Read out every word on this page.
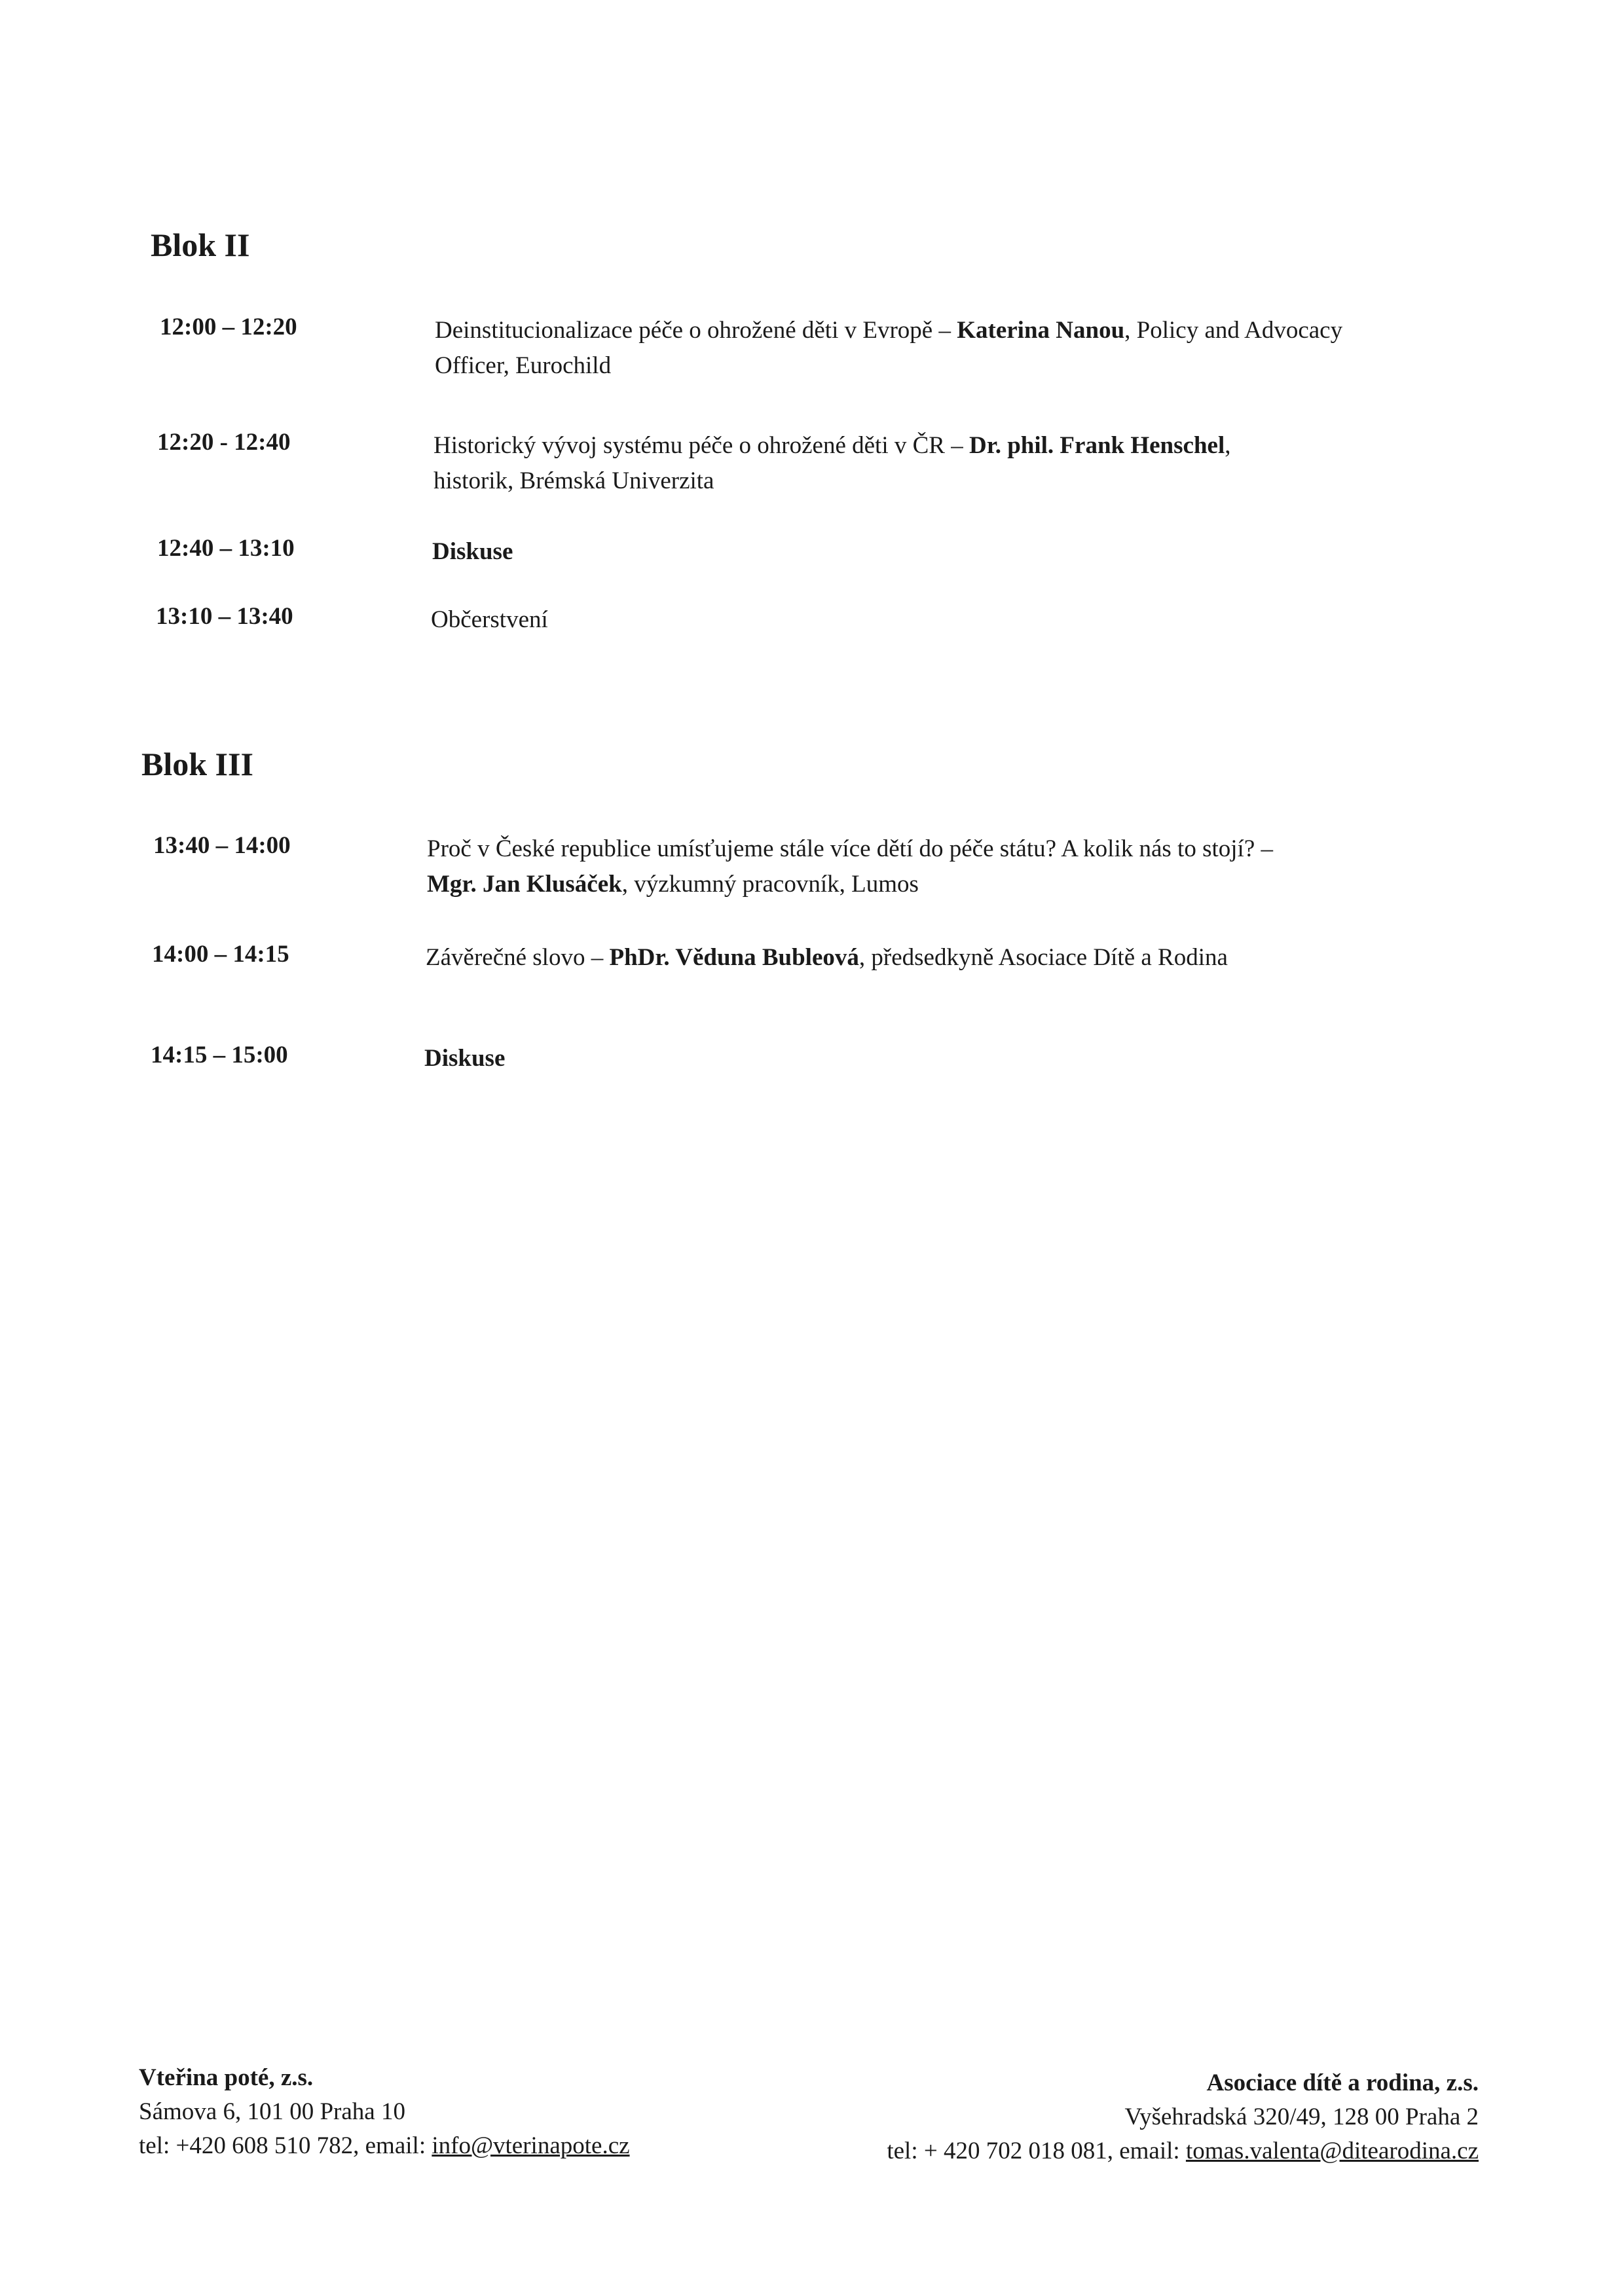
Blok II
12:00 – 12:20	Deinstitucionalizace péče o ohrožené děti v Evropě – Katerina Nanou, Policy and Advocacy Officer, Eurochild
12:20 - 12:40	Historický vývoj systému péče o ohrožené děti v ČR – Dr. phil. Frank Henschel, historik, Brémská Univerzita
12:40 – 13:10	Diskuse
13:10 – 13:40	Občerstvení
Blok III
13:40 – 14:00	Proč v České republice umísťujeme stále více dětí do péče státu? A kolik nás to stojí? – Mgr. Jan Klusáček, výzkumný pracovník, Lumos
14:00 – 14:15	Závěrečné slovo – PhDr. Věduna Bubleová, předsedkyně Asociace Dítě a Rodina
14:15 – 15:00	Diskuse
Vteřina poté, z.s.
Sámova 6, 101 00 Praha 10
tel: +420 608 510 782, email: info@vterinapote.cz
Asociace dítě a rodina, z.s.
Vyšehradská 320/49, 128 00 Praha 2
tel: + 420 702 018 081, email: tomas.valenta@ditearodina.cz
